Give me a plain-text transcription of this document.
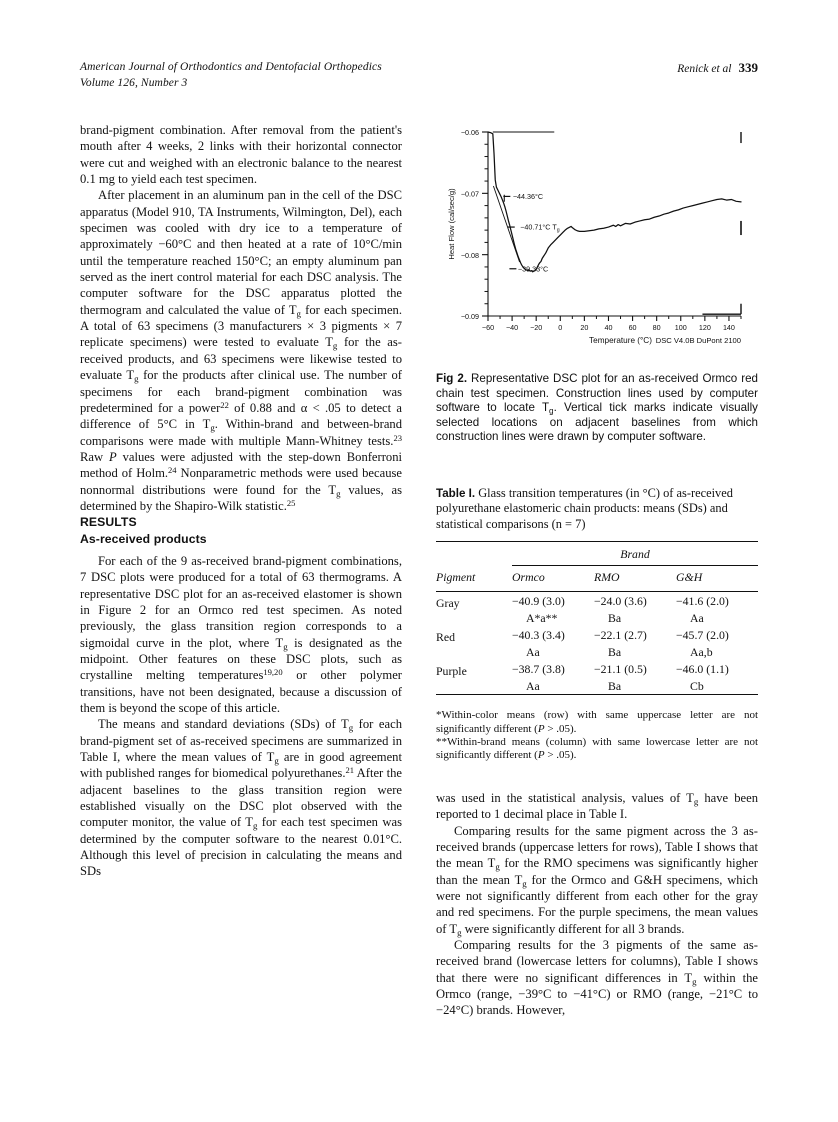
American Journal of Orthodontics and Dentofacial Orthopedics
Volume 126, Number 3
Renick et al 339

brand-pigment combination. After removal from the patient's mouth after 4 weeks, 2 links with their horizontal connector were cut and weighed with an electronic balance to the nearest 0.1 mg to yield each test specimen.

After placement in an aluminum pan in the cell of the DSC apparatus (Model 910, TA Instruments, Wilmington, Del), each specimen was cooled with dry ice to a temperature of approximately −60°C and then heated at a rate of 10°C/min until the temperature reached 150°C; an empty aluminum pan served as the inert control material for each DSC analysis. The computer software for the DSC apparatus plotted the thermogram and calculated the value of $T_g$ for each specimen. A total of 63 specimens (3 manufacturers × 3 pigments × 7 replicate specimens) were tested to evaluate $T_g$ for the as-received products, and 63 specimens were likewise tested to evaluate $T_g$ for the products after clinical use. The number of specimens for each brand-pigment combination was predetermined for a power$^{22}$ of 0.88 and α < .05 to detect a difference of 5°C in $T_g$. Within-brand and between-brand comparisons were made with multiple Mann-Whitney tests.$^{23}$ Raw P values were adjusted with the step-down Bonferroni method of Holm.$^{24}$ Nonparametric methods were used because nonnormal distributions were found for the $T_g$ values, as determined by the Shapiro-Wilk statistic.$^{25}$

RESULTS
As-received products

For each of the 9 as-received brand-pigment combinations, 7 DSC plots were produced for a total of 63 thermograms. A representative DSC plot for an as-received elastomer is shown in Figure 2 for an Ormco red test specimen. As noted previously, the glass transition region corresponds to a sigmoidal curve in the plot, where $T_g$ is designated as the midpoint. Other features on these DSC plots, such as crystalline melting temperatures$^{19,20}$ or other polymer transitions, have not been designated, because a discussion of them is beyond the scope of this article.

The means and standard deviations (SDs) of $T_g$ for each brand-pigment set of as-received specimens are summarized in Table I, where the mean values of $T_g$ are in good agreement with published ranges for biomedical polyurethanes.$^{21}$ After the adjacent baselines to the glass transition region were established visually on the DSC plot observed with the computer monitor, the value of $T_g$ for each test specimen was determined by the computer software to the nearest 0.01°C. Although this level of precision in calculating the means and SDs

−0.06
−0.07
−0.08
−0.09
−60 −40 −20 0	20 40 60 80 100 120 140
Temperature (°C)
Heat Flow (cal/sec/g)
DSC V4.0B DuPont 2100
−44.36°C
−40.71°C $T_g$
−39.33°C
Fig 2. Representative DSC plot for an as-received Ormco red chain test specimen. Construction lines used by computer software to locate $T_g$. Vertical tick marks indicate visually selected locations on adjacent baselines from which construction lines were drawn by computer software.
Table I. Glass transition temperatures (in °C) of as-received polyurethane elastomeric chain products: means (SDs) and statistical comparisons (n = 7)

	Brand		

Pigment	Ormco	RMO	G&H

Gray	−40.9 (3.0)	−24.0 (3.6)	−41.6 (2.0)
	A*a**	Ba	Aa
Red	−40.3 (3.4)	−22.1 (2.7)	−45.7 (2.0)
	Aa	Ba	Aa,b
Purple	−38.7 (3.8)	−21.1 (0.5)	−46.0 (1.1)
	Aa	Ba	Cb

*Within-color means (row) with same uppercase letter are not significantly different (P > .05).

**Within-brand means (column) with same lowercase letter are not significantly different (P > .05).

was used in the statistical analysis, values of $T_g$ have been reported to 1 decimal place in Table I.

Comparing results for the same pigment across the 3 as-received brands (uppercase letters for rows), Table I shows that the mean $T_g$ for the RMO specimens was significantly higher than the mean $T_g$ for the Ormco and G&H specimens, which were not significantly different from each other for the gray and red specimens. For the purple specimens, the mean values of $T_g$ were significantly different for all 3 brands.

Comparing results for the 3 pigments of the same as-received brand (lowercase letters for columns), Table I shows that there were no significant differences in $T_g$ within the Ormco (range, −39°C to −41°C) or RMO (range, −21°C to −24°C) brands. However,
